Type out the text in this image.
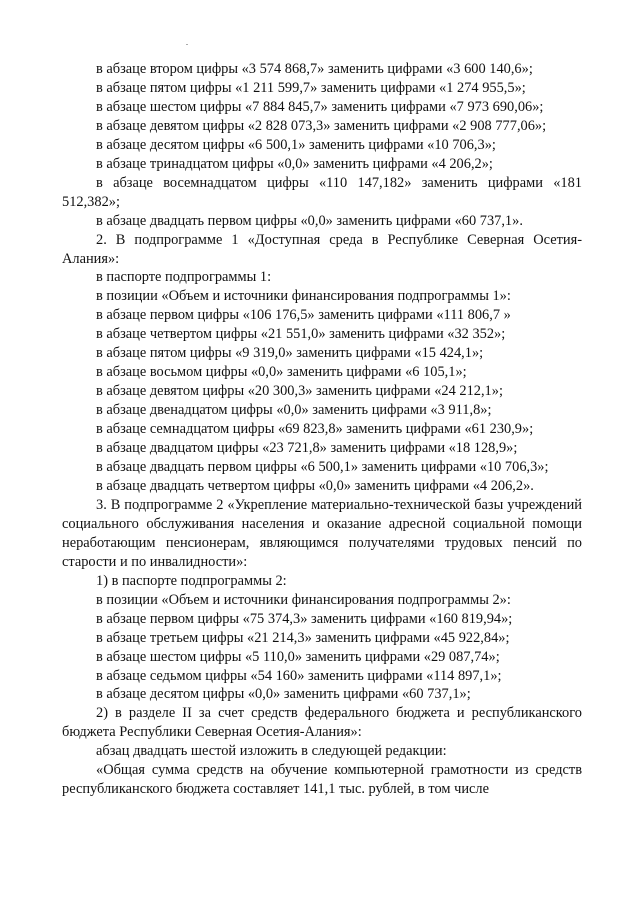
в абзаце втором цифры «3 574 868,7» заменить цифрами «3 600 140,6»;

в абзаце пятом цифры «1 211 599,7» заменить цифрами «1 274 955,5»;

в абзаце шестом цифры «7 884 845,7» заменить цифрами «7 973 690,06»;

в абзаце девятом цифры «2 828 073,3» заменить цифрами «2 908 777,06»;

в абзаце десятом цифры «6 500,1» заменить цифрами «10 706,3»;

в абзаце тринадцатом цифры «0,0» заменить цифрами «4 206,2»;

в абзаце восемнадцатом цифры «110 147,182» заменить цифрами «181 512,382»;

в абзаце двадцать первом цифры «0,0» заменить цифрами «60 737,1».

2. В подпрограмме 1 «Доступная среда в Республике Северная Осетия-Алания»:

в паспорте подпрограммы 1:

в позиции «Объем и источники финансирования подпрограммы 1»:

в абзаце первом цифры «106 176,5» заменить цифрами «111 806,7 »

в абзаце четвертом цифры «21 551,0» заменить цифрами «32 352»;

в абзаце пятом цифры «9 319,0» заменить цифрами «15 424,1»;

в абзаце восьмом цифры «0,0» заменить цифрами «6 105,1»;

в абзаце девятом цифры «20 300,3» заменить цифрами «24 212,1»;

в абзаце двенадцатом цифры «0,0» заменить цифрами «3 911,8»;

в абзаце семнадцатом цифры «69 823,8» заменить цифрами «61 230,9»;

в абзаце двадцатом цифры «23 721,8» заменить цифрами «18 128,9»;

в абзаце двадцать первом цифры «6 500,1» заменить цифрами «10 706,3»;

в абзаце двадцать четвертом цифры «0,0» заменить цифрами «4 206,2».

3. В подпрограмме 2 «Укрепление материально-технической базы учреждений социального обслуживания населения и оказание адресной социальной помощи неработающим пенсионерам, являющимся получателями трудовых пенсий по старости и по инвалидности»:

1) в паспорте подпрограммы 2:

в позиции «Объем и источники финансирования подпрограммы 2»:

в абзаце первом цифры «75 374,3» заменить цифрами «160 819,94»;

в абзаце третьем цифры «21 214,3» заменить цифрами «45 922,84»;

в абзаце шестом цифры «5 110,0» заменить цифрами «29 087,74»;

в абзаце седьмом цифры «54 160» заменить цифрами «114 897,1»;

в абзаце десятом цифры «0,0» заменить цифрами «60 737,1»;

2) в разделе II за счет средств федерального бюджета и республиканского бюджета Республики Северная Осетия-Алания»:

абзац двадцать шестой изложить в следующей редакции:

«Общая сумма средств на обучение компьютерной грамотности из средств республиканского бюджета составляет 141,1 тыс. рублей, в том числе
